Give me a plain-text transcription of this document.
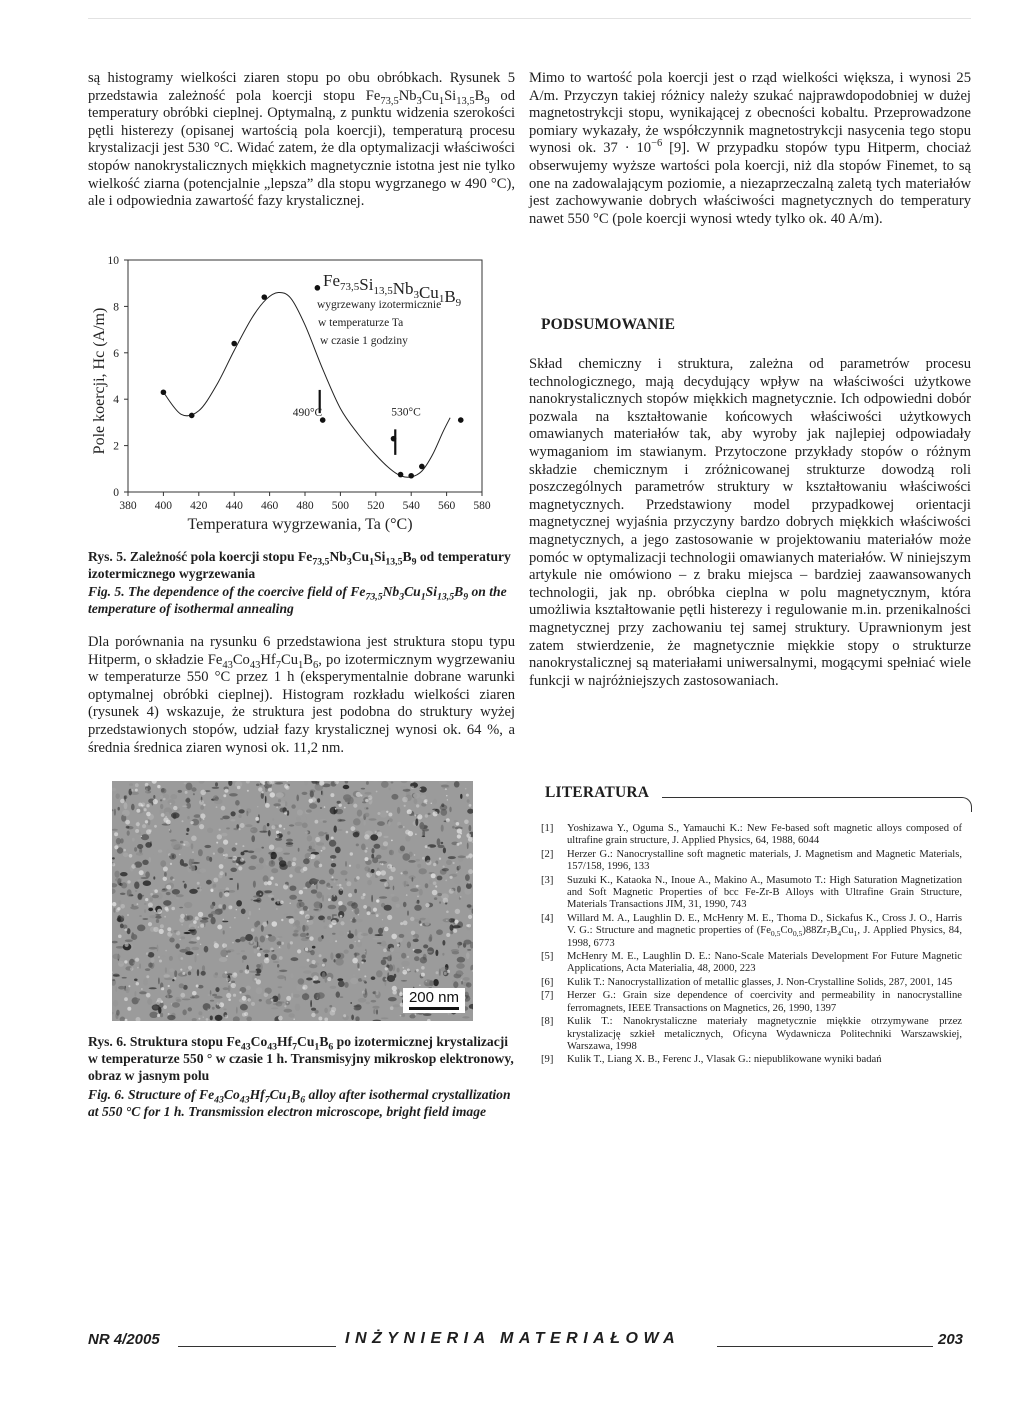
są histogramy wielkości ziaren stopu po obu obróbkach. Rysunek 5 przedstawia zależność pola koercji stopu $Fe_{73,5}Nb_3Cu_1Si_{13,5}B_9$ od temperatury obróbki cieplnej. Optymalną, z punktu widzenia szerokości pętli histerezy (opisanej wartością pola koercji), temperaturą procesu krystalizacji jest 530 °C. Widać zatem, że dla optymalizacji właściwości stopów nanokrystalicznych miękkich magnetycznie istotna jest nie tylko wielkość ziarna (potencjalnie „lepsza” dla stopu wygrzanego w 490 °C), ale i odpowiednia zawartość fazy krystalicznej.

380 400 420 440 460 480 500 520 540 560 580
0
2
4
6
8
10
490°C	530°C
$Fe_{73,5}Si_{13,5}Nb_3Cu_1B_9$
wygrzewany izotermicznie
w temperaturze Ta
w czasie 1 godziny
Temperatura wygrzewania, Ta (°C)
Pole koercji, Hc (A/m)

Rys. 5. Zależność pola koercji stopu $Fe_{73,5}Nb_3Cu_1Si_{13,5}B_9$ od temperatury izotermicznego wygrzewania

Fig. 5. The dependence of the coercive field of $Fe_{73,5}Nb_3Cu_1Si_{13,5}B_9$ on the temperature of isothermal annealing

Dla porównania na rysunku 6 przedstawiona jest struktura stopu typu Hitperm, o składzie $Fe_{43}Co_{43}Hf_7Cu_1B_6$, po izotermicznym wygrzewaniu w temperaturze 550 °C przez 1 h (eksperymentalnie dobrane warunki optymalnej obróbki cieplnej). Histogram rozkładu wielkości ziaren (rysunek 4) wskazuje, że struktura jest podobna do struktury wyżej przedstawionych stopów, udział fazy krystalicznej wynosi ok. 64 %, a średnia średnica ziaren wynosi ok. 11,2 nm.

200 nm

Rys. 6. Struktura stopu $Fe_{43}Co_{43}Hf_7Cu_1B_6$ po izotermicznej krystalizacji w temperaturze 550 ° w czasie 1 h. Transmisyjny mikroskop elektronowy, obraz w jasnym polu

Fig. 6. Structure of $Fe_{43}Co_{43}Hf_7Cu_1B_6$ alloy after isothermal crystallization at 550 °C for 1 h. Transmission electron microscope, bright field image

Mimo to wartość pola koercji jest o rząd wielkości większa, i wynosi 25 A/m. Przyczyn takiej różnicy należy szukać najprawdopodobniej w dużej magnetostrykcji stopu, wynikającej z obecności kobaltu. Przeprowadzone pomiary wykazały, że współczynnik magnetostrykcji nasycenia tego stopu wynosi ok. $37 \cdot 10^{-6}$ [9]. W przypadku stopów typu Hitperm, chociaż obserwujemy wyższe wartości pola koercji, niż dla stopów Finemet, to są one na zadowalającym poziomie, a niezaprzeczalną zaletą tych materiałów jest zachowywanie dobrych właściwości magnetycznych do temperatury nawet 550 °C (pole koercji wynosi wtedy tylko ok. 40 A/m).

PODSUMOWANIE

Skład chemiczny i struktura, zależna od parametrów procesu technologicznego, mają decydujący wpływ na właściwości użytkowe nanokrystalicznych stopów miękkich magnetycznie. Ich odpowiedni dobór pozwala na kształtowanie końcowych właściwości użytkowych omawianych materiałów tak, aby wyroby jak najlepiej odpowiadały wymaganiom im stawianym. Przytoczone przykłady stopów o różnym składzie chemicznym i zróżnicowanej strukturze dowodzą roli poszczególnych parametrów struktury w kształtowaniu właściwości magnetycznych. Przedstawiony model przypadkowej orientacji magnetycznej wyjaśnia przyczyny bardzo dobrych miękkich właściwości magnetycznych, a jego zastosowanie w projektowaniu materiałów może pomóc w optymalizacji technologii omawianych materiałów. W niniejszym artykule nie omówiono – z braku miejsca – bardziej zaawansowanych technologii, jak np. obróbka cieplna w polu magnetycznym, która umożliwia kształtowanie pętli histerezy i regulowanie m.in. przenikalności magnetycznej przy zachowaniu tej samej struktury. Uprawnionym jest zatem stwierdzenie, że magnetycznie miękkie stopy o strukturze nanokrystalicznej są materiałami uniwersalnymi, mogącymi spełniać wiele funkcji w najróżniejszych zastosowaniach.

LITERATURA
[1]	Yoshizawa Y., Oguma S., Yamauchi K.: New Fe-based soft magnetic alloys composed of ultrafine grain structure, J. Applied Physics, 64, 1988, 6044
[2]	Herzer G.: Nanocrystalline soft magnetic materials, J. Magnetism and Magnetic Materials, 157/158, 1996, 133
[3]	Suzuki K., Kataoka N., Inoue A., Makino A., Masumoto T.: High Saturation Magnetization and Soft Magnetic Properties of bcc Fe-Zr-B Alloys with Ultrafine Grain Structure, Materials Transactions JIM, 31, 1990, 743
[4]	Willard M. A., Laughlin D. E., McHenry M. E., Thoma D., Sickafus K., Cross J. O., Harris V. G.: Structure and magnetic properties of $(Fe_{0,5}Co_{0,5})88Zr_7B_4Cu_1$, J. Applied Physics, 84, 1998, 6773
[5]	McHenry M. E., Laughlin D. E.: Nano-Scale Materials Development For Future Magnetic Applications, Acta Materialia, 48, 2000, 223
[6]	Kulik T.: Nanocrystallization of metallic glasses, J. Non-Crystalline Solids, 287, 2001, 145
[7]	Herzer G.: Grain size dependence of coercivity and permeability in nanocrystalline ferromagnets, IEEE Transactions on Magnetics, 26, 1990, 1397
[8]	Kulik T.: Nanokrystaliczne materiały magnetycznie miękkie otrzymywane przez krystalizację szkieł metalicznych, Oficyna Wydawnicza Politechniki Warszawskiej, Warszawa, 1998
[9]	Kulik T., Liang X. B., Ferenc J., Vlasak G.: niepublikowane wyniki badań
NR 4/2005	INŻYNIERIA MATERIAŁOWA	203
